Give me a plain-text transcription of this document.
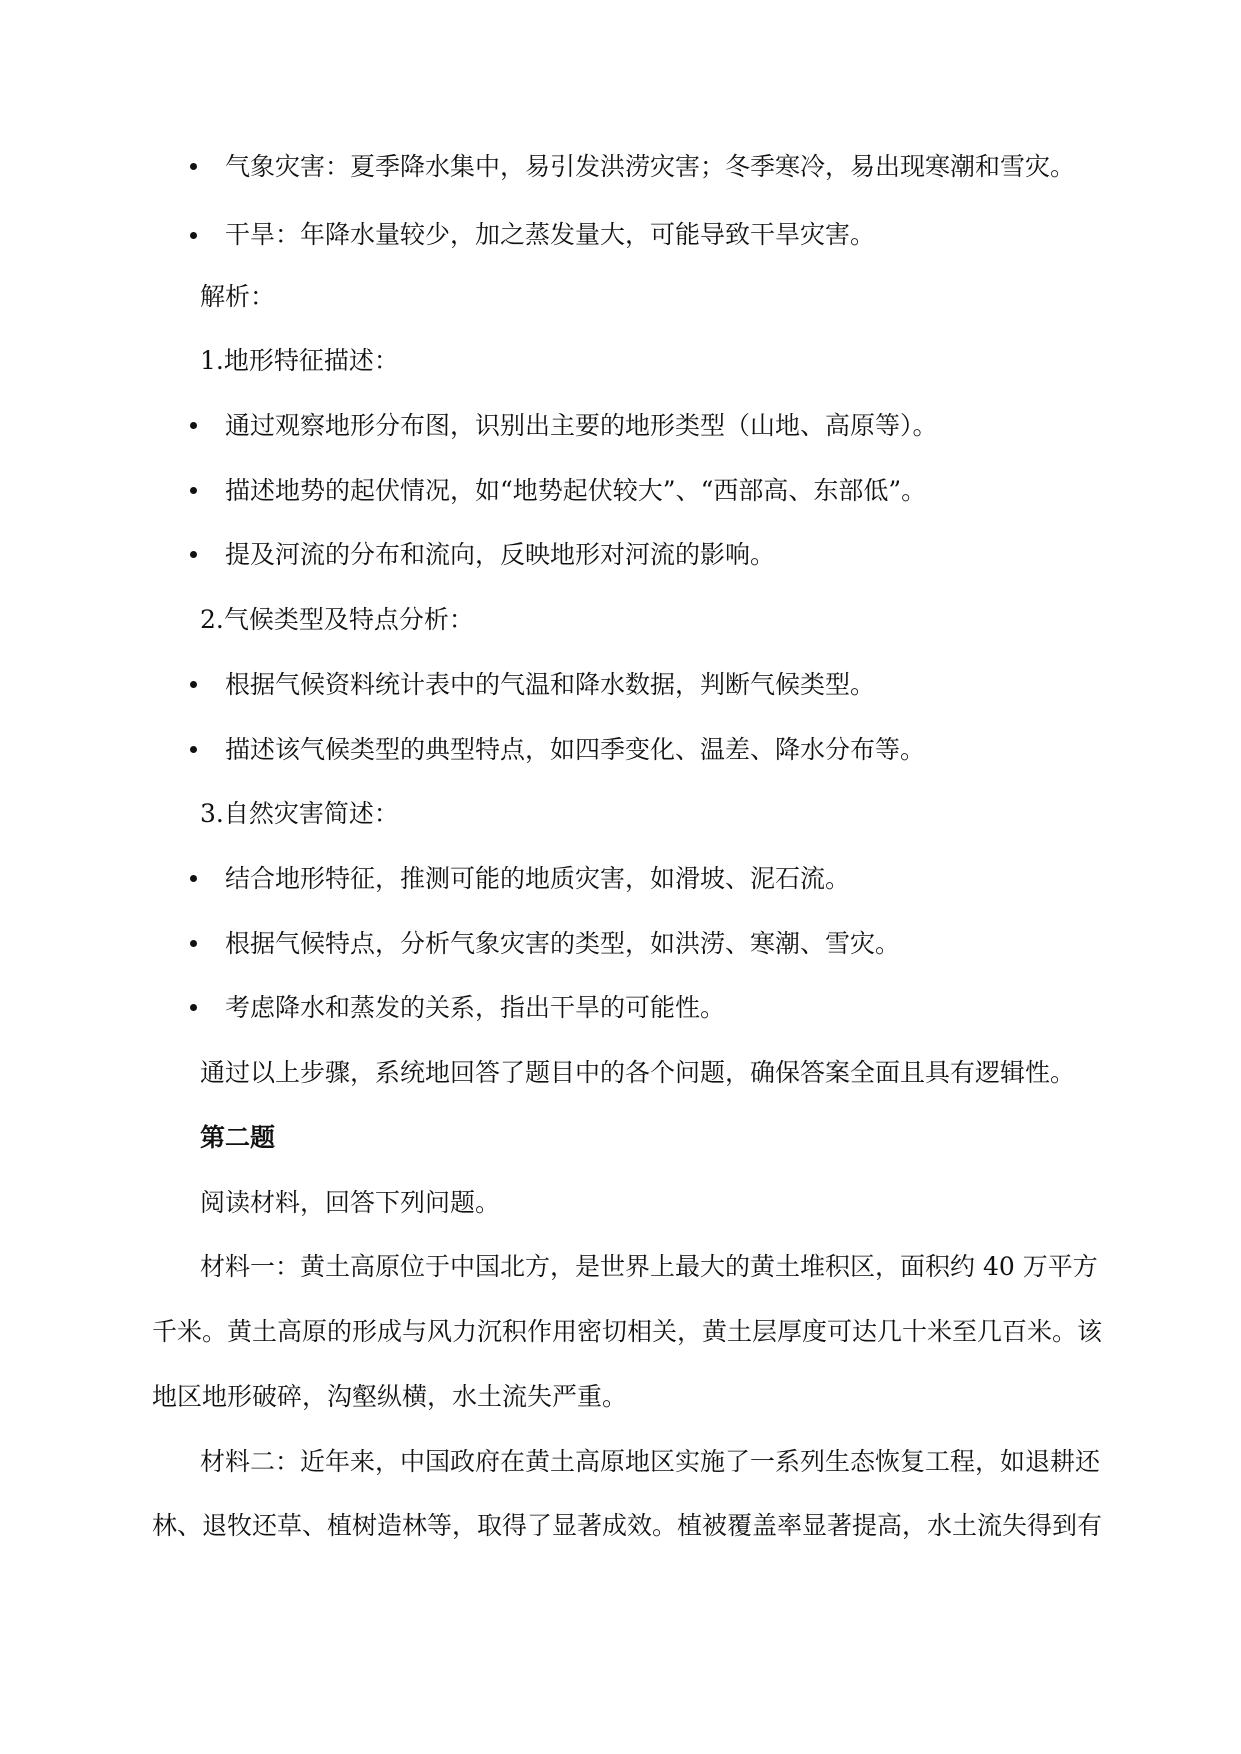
气象灾害：夏季降水集中，易引发洪涝灾害；冬季寒冷，易出现寒潮和雪灾。
干旱：年降水量较少，加之蒸发量大，可能导致干旱灾害。
解析：
1.地形特征描述：
通过观察地形分布图，识别出主要的地形类型（山地、高原等）。
描述地势的起伏情况，如“地势起伏较大”、“西部高、东部低”。
提及河流的分布和流向，反映地形对河流的影响。
2.气候类型及特点分析：
根据气候资料统计表中的气温和降水数据，判断气候类型。
描述该气候类型的典型特点，如四季变化、温差、降水分布等。
3.自然灾害简述：
结合地形特征，推测可能的地质灾害，如滑坡、泥石流。
根据气候特点，分析气象灾害的类型，如洪涝、寒潮、雪灾。
考虑降水和蒸发的关系，指出干旱的可能性。
通过以上步骤，系统地回答了题目中的各个问题，确保答案全面且具有逻辑性。
第二题
阅读材料，回答下列问题。
材料一：黄土高原位于中国北方，是世界上最大的黄土堆积区，面积约 40 万平方
千米。黄土高原的形成与风力沉积作用密切相关，黄土层厚度可达几十米至几百米。该
地区地形破碎，沟壑纵横，水土流失严重。
材料二：近年来，中国政府在黄土高原地区实施了一系列生态恢复工程，如退耕还
林、退牧还草、植树造林等，取得了显著成效。植被覆盖率显著提高，水土流失得到有
